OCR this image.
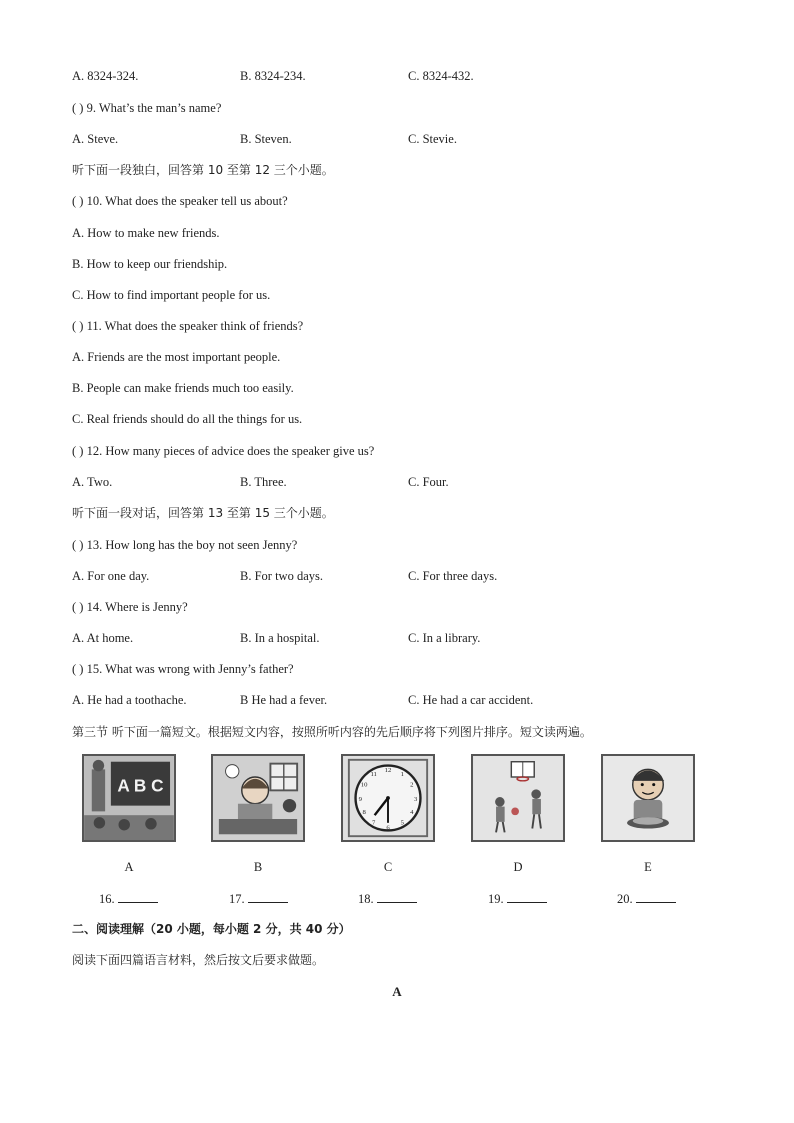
A. 8324-324.	B. 8324-234.	C. 8324-432.
( ) 9. What’s the man’s name?
A. Steve.	B. Steven.	C. Stevie.
听下面一段独白，回答第 10 至第 12 三个小题。
( ) 10. What does the speaker tell us about?
A. How to make new friends.
B. How to keep our friendship.
C. How to find important people for us.
( ) 11. What does the speaker think of friends?
A. Friends are the most important people.
B. People can make friends much too easily.
C. Real friends should do all the things for us.
( ) 12. How many pieces of advice does the speaker give us?
A. Two.	B. Three.	C. Four.
听下面一段对话，回答第 13 至第 15 三个小题。
( ) 13. How long has the boy not seen Jenny?
A. For one day.	B. For two days.	C. For three days.
( ) 14. Where is Jenny?
A. At home.	B. In a hospital.	C. In a library.
( ) 15. What was wrong with Jenny’s father?
A. He had a toothache.	B He had a fever.	C. He had a car accident.
第三节 听下面一篇短文。根据短文内容，按照所听内容的先后顺序将下列图片排序。短文读两遍。
A B C
12
1
2
3
4
5
6
7
8
9
10
11
A	B	C	D	E
16.	17.	18.	19.	20.
二、阅读理解（20 小题，每小题 2 分，共 40 分）
阅读下面四篇语言材料，然后按文后要求做题。
A
